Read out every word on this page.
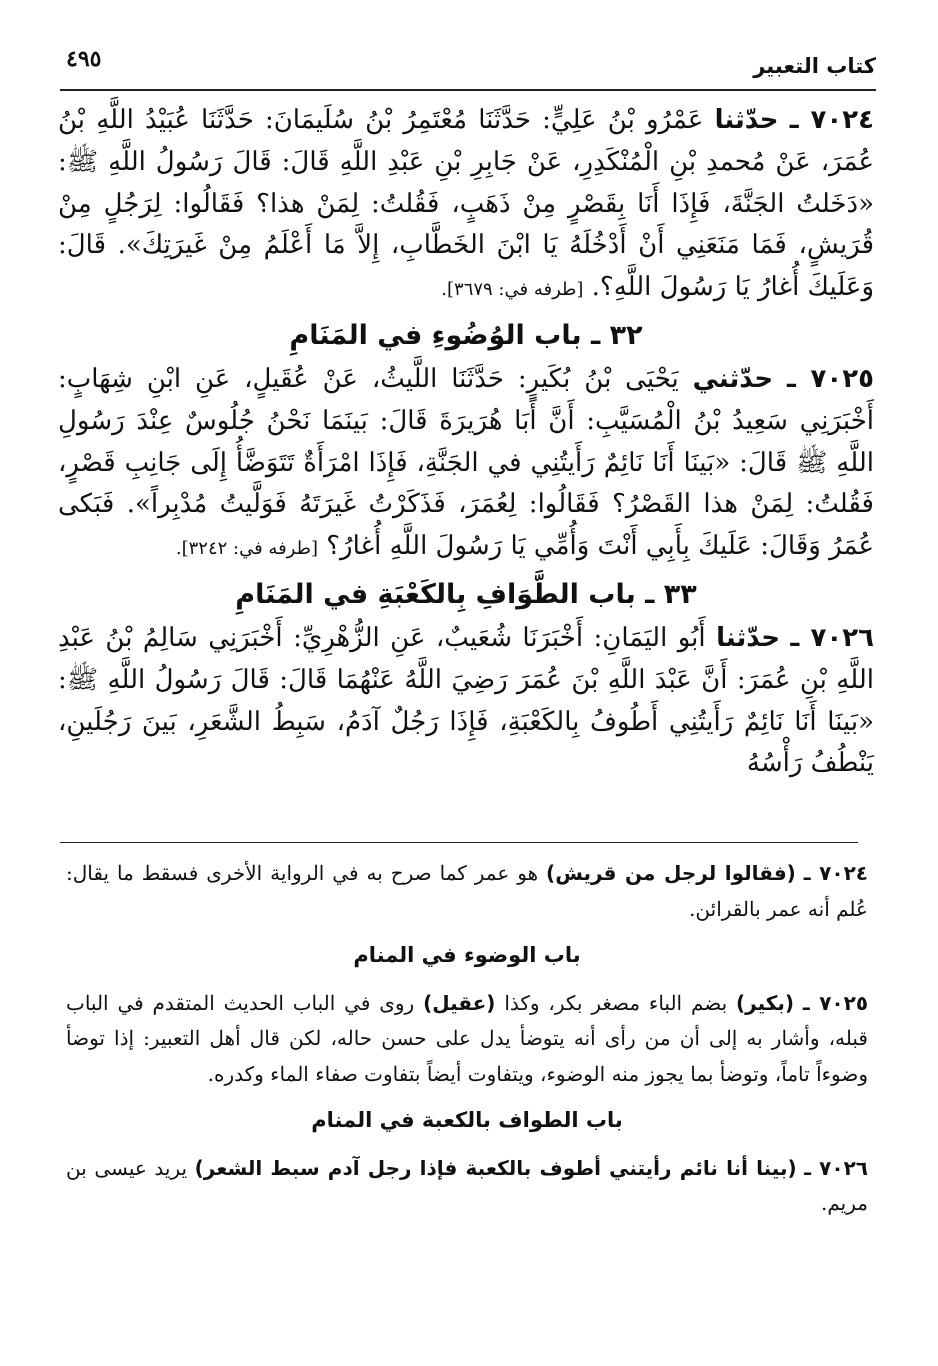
كتاب التعبير
٤٩٥

٧٠٢٤ ـ حدّثنا عَمْرُو بْنُ عَلِيٍّ: حَدَّثَنَا مُعْتَمِرُ بْنُ سُلَيمَانَ: حَدَّثَنَا عُبَيْدُ اللَّهِ بْنُ عُمَرَ، عَنْ مُحمدِ بْنِ الْمُنْكَدِرِ، عَنْ جَابِرِ بْنِ عَبْدِ اللَّهِ قَالَ: قَالَ رَسُولُ اللَّهِ ﷺ: «دَخَلتُ الجَنَّةَ، فَإِذَا أَنَا بِقَصْرٍ مِنْ ذَهَبٍ، فَقُلتُ: لِمَنْ هذا؟ فَقَالُوا: لِرَجُلٍ مِنْ قُرَيشٍ، فَمَا مَنَعَنِي أَنْ أَدْخُلَهُ يَا ابْنَ الخَطَّابِ، إِلاَّ مَا أَعْلَمُ مِنْ غَيرَتِكَ». قَالَ: وَعَلَيكَ أُغارُ يَا رَسُولَ اللَّهِ؟. [طرفه في: ٣٦٧٩].

٣٢ ـ باب الوُضُوءِ في المَنَامِ

٧٠٢٥ ـ حدّثني يَحْيَى بْنُ بُكَيرٍ: حَدَّثَنَا اللَّيثُ، عَنْ عُقَيلٍ، عَنِ ابْنِ شِهَابٍ: أَخْبَرَنِي سَعِيدُ بْنُ الْمُسَيَّبِ: أَنَّ أَبَا هُرَيرَةَ قَالَ: بَينَمَا نَحْنُ جُلُوسٌ عِنْدَ رَسُولِ اللَّهِ ﷺ قَالَ: «بَينَا أَنَا نَائِمٌ رَأَيتُنِي في الجَنَّةِ، فَإِذَا امْرَأَةٌ تَتَوَضَّأُ إِلَى جَانِبِ قَصْرٍ، فَقُلتُ: لِمَنْ هذا القَصْرُ؟ فَقَالُوا: لِعُمَرَ، فَذَكَرْتُ غَيرَتَهُ فَوَلَّيتُ مُدْبِراً». فَبَكى عُمَرُ وَقَالَ: عَلَيكَ بِأَبِي أَنْتَ وَأُمِّي يَا رَسُولَ اللَّهِ أُغارُ؟ [طرفه في: ٣٢٤٢].

٣٣ ـ باب الطَّوَافِ بِالكَعْبَةِ في المَنَامِ

٧٠٢٦ ـ حدّثنا أَبُو اليَمَانِ: أَخْبَرَنَا شُعَيبٌ، عَنِ الزُّهْرِيِّ: أَخْبَرَنِي سَالِمُ بْنُ عَبْدِ اللَّهِ بْنِ عُمَرَ: أَنَّ عَبْدَ اللَّهِ بْنَ عُمَرَ رَضِيَ اللَّهُ عَنْهُمَا قَالَ: قَالَ رَسُولُ اللَّهِ ﷺ: «بَينَا أَنَا نَائِمٌ رَأَيتُنِي أَطُوفُ بِالكَعْبَةِ، فَإِذَا رَجُلٌ آدَمُ، سَبِطُ الشَّعَرِ، بَينَ رَجُلَينِ، يَنْطُفُ رَأْسُهُ

٧٠٢٤ ـ (فقالوا لرجل من قريش) هو عمر كما صرح به في الرواية الأخرى فسقط ما يقال: عُلم أنه عمر بالقرائن.

باب الوضوء في المنام

٧٠٢٥ ـ (بكير) بضم الباء مصغر بكر، وكذا (عقيل) روى في الباب الحديث المتقدم في الباب قبله، وأشار به إلى أن من رأى أنه يتوضأ يدل على حسن حاله، لكن قال أهل التعبير: إذا توضأ وضوءاً تاماً، وتوضأ بما يجوز منه الوضوء، ويتفاوت أيضاً بتفاوت صفاء الماء وكدره.

باب الطواف بالكعبة في المنام

٧٠٢٦ ـ (بينا أنا نائم رأيتني أطوف بالكعبة فإذا رجل آدم سبط الشعر) يريد عيسى بن مريم.
